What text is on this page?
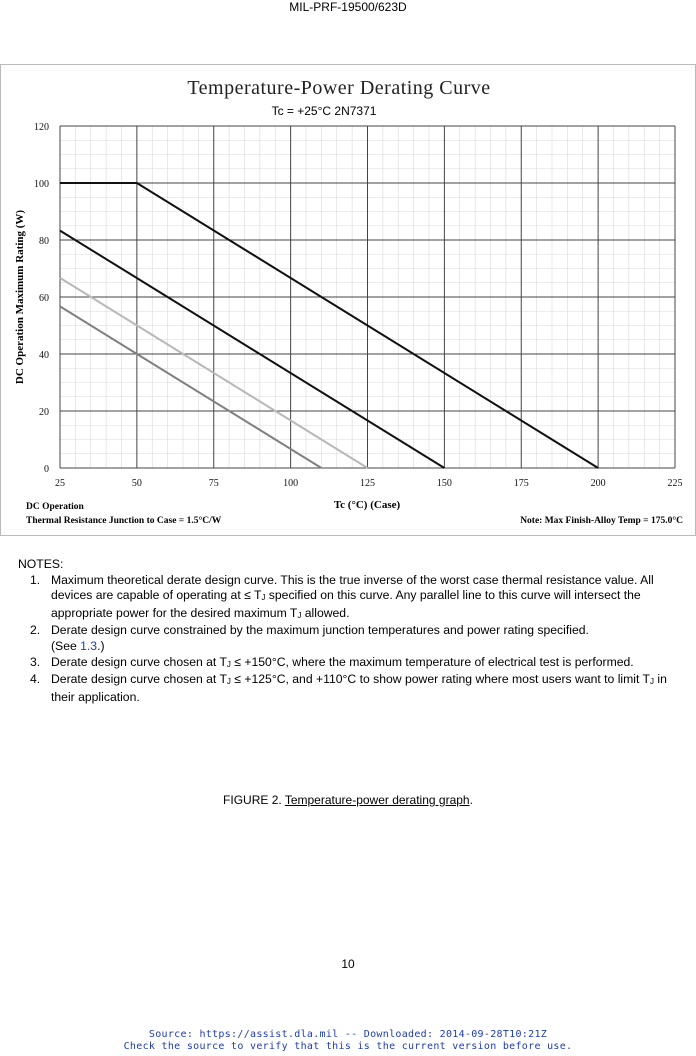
MIL-PRF-19500/623D
Temperature-Power Derating Curve
Tc = +25°C 2N7371
25	50	75	100	125	150	175	200	225
0
20
40
60
80
100
120
DC Operation Maximum Rating (W)
Tc (°C) (Case)
DC Operation
Thermal Resistance Junction to Case = 1.5°C/W	Note: Max Finish-Alloy Temp = 175.0°C
NOTES:
1. Maximum theoretical derate design curve. This is the true inverse of the worst case thermal resistance value. All devices are capable of operating at ≤ TJ specified on this curve. Any parallel line to this curve will intersect the appropriate power for the desired maximum TJ allowed.
2. Derate design curve constrained by the maximum junction temperatures and power rating specified.
(See 1.3.)
3. Derate design curve chosen at TJ ≤ +150°C, where the maximum temperature of electrical test is performed.
4. Derate design curve chosen at TJ ≤ +125°C, and +110°C to show power rating where most users want to limit TJ in their application.
FIGURE 2. Temperature-power derating graph.
10
Source: https://assist.dla.mil -- Downloaded: 2014-09-28T10:21Z
Check the source to verify that this is the current version before use.
